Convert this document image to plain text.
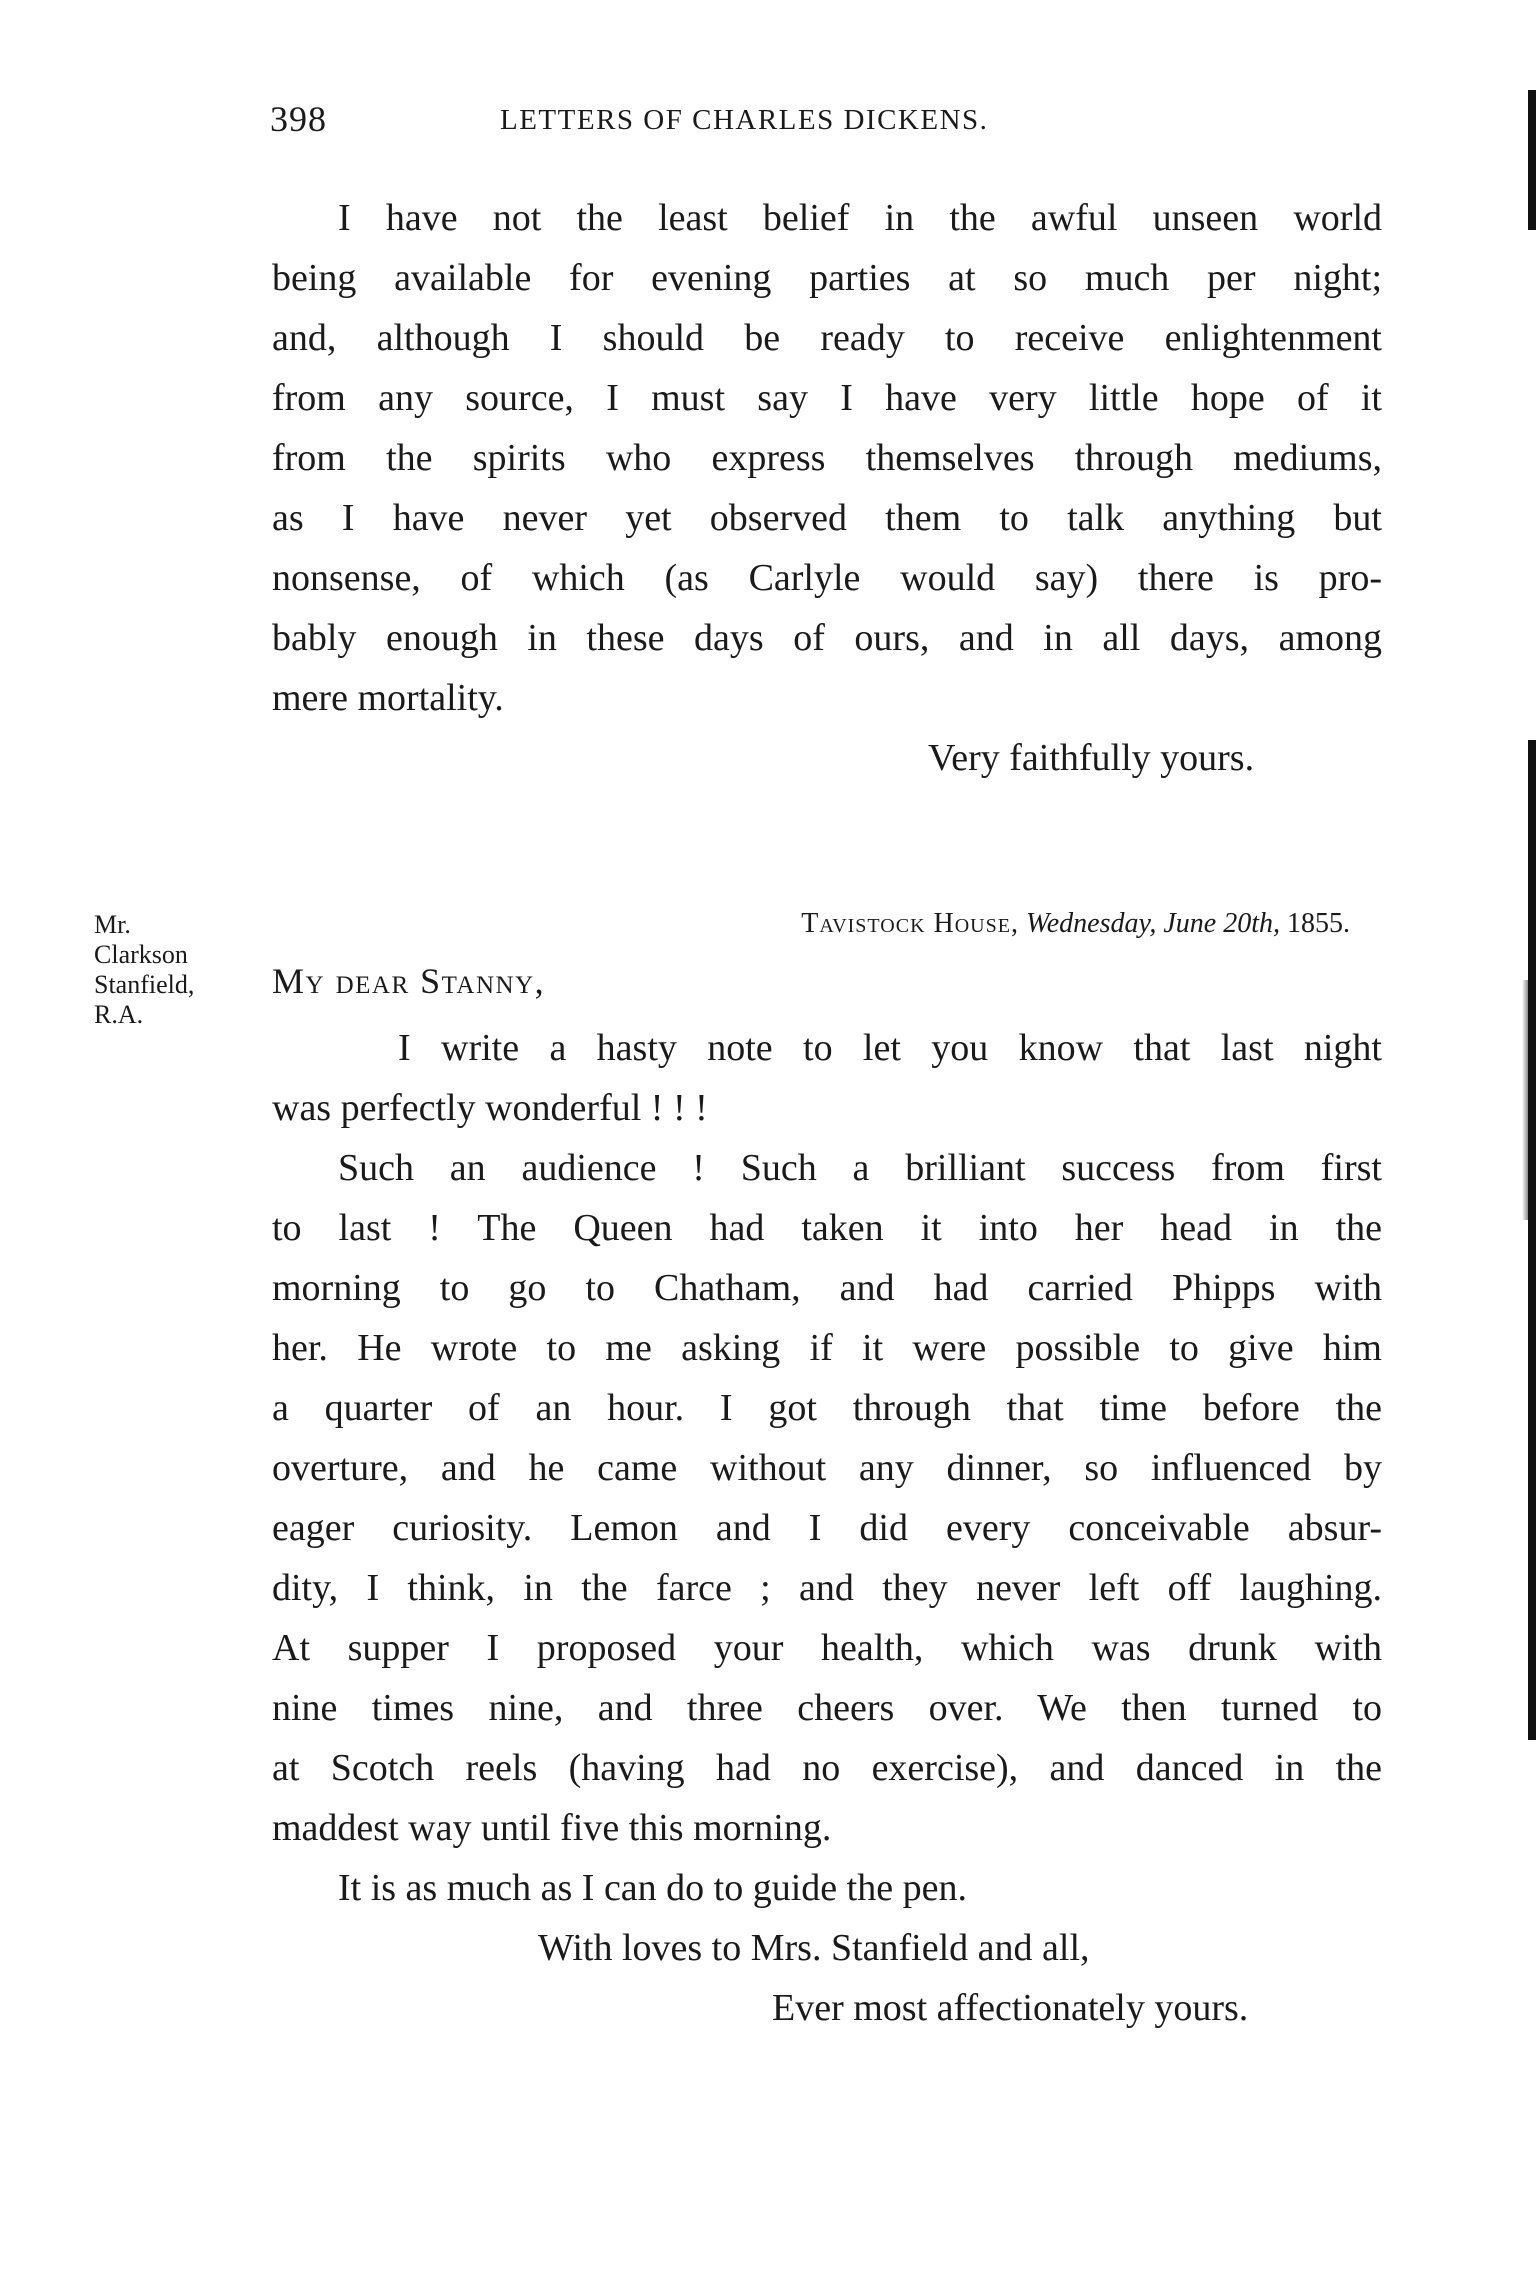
398	LETTERS OF CHARLES DICKENS.
I have not the least belief in the awful unseen world
being available for evening parties at so much per night;
and, although I should be ready to receive enlightenment
from any source, I must say I have very little hope of it
from the spirits who express themselves through mediums,
as I have never yet observed them to talk anything but
nonsense, of which (as Carlyle would say) there is pro-
bably enough in these days of ours, and in all days, among
mere mortality.
Very faithfully yours.
Mr.
Clarkson
Stanfield,
R.A.
Tavistock House, Wednesday, June 20th, 1855.
My dear Stanny,
I write a hasty note to let you know that last night
was perfectly wonderful ! ! !
Such an audience ! Such a brilliant success from first
to last ! The Queen had taken it into her head in the
morning to go to Chatham, and had carried Phipps with
her. He wrote to me asking if it were possible to give him
a quarter of an hour. I got through that time before the
overture, and he came without any dinner, so influenced by
eager curiosity. Lemon and I did every conceivable absur-
dity, I think, in the farce ; and they never left off laughing.
At supper I proposed your health, which was drunk with
nine times nine, and three cheers over. We then turned to
at Scotch reels (having had no exercise), and danced in the
maddest way until five this morning.
It is as much as I can do to guide the pen.
With loves to Mrs. Stanfield and all,
Ever most affectionately yours.
